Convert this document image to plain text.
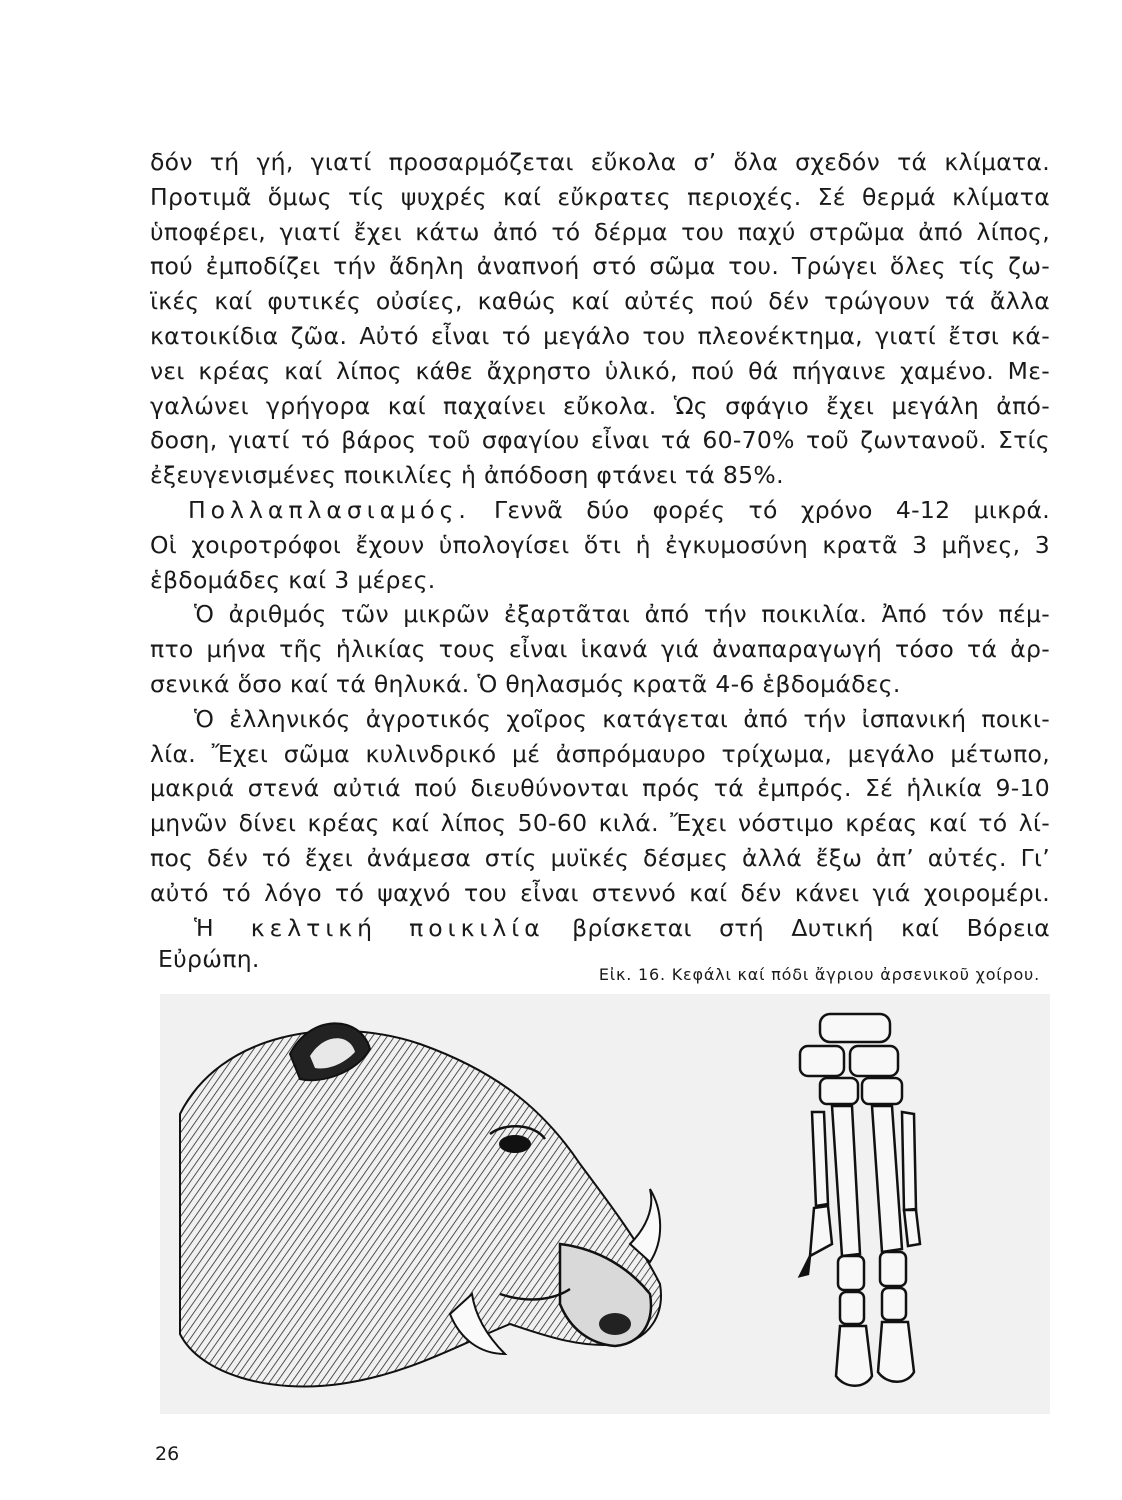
δόν τή γή, γιατί προσαρμόζεται εὔκολα σ’ ὅλα σχεδόν τά κλίματα.
Προτιμᾶ ὅμως τίς ψυχρές καί εὔκρατες περιοχές. Σέ θερμά κλίματα
ὑποφέρει, γιατί ἔχει κάτω ἀπό τό δέρμα του παχύ στρῶμα ἀπό λίπος,
πού ἐμποδίζει τήν ἄδηλη ἀναπνοή στό σῶμα του. Τρώγει ὅλες τίς ζω-
ϊκές καί φυτικές οὐσίες, καθώς καί αὐτές πού δέν τρώγουν τά ἄλλα
κατοικίδια ζῶα. Αὐτό εἶναι τό μεγάλο του πλεονέκτημα, γιατί ἔτσι κά-
νει κρέας καί λίπος κάθε ἄχρηστο ὑλικό, πού θά πήγαινε χαμένο. Με-
γαλώνει γρήγορα καί παχαίνει εὔκολα. Ὡς σφάγιο ἔχει μεγάλη ἀπό-
δοση, γιατί τό βάρος τοῦ σφαγίου εἶναι τά 60-70% τοῦ ζωντανοῦ. Στίς
ἐξευγενισμένες ποικιλίες ἡ ἀπόδοση φτάνει τά 85%.
Πολλαπλασιαμός. Γεννᾶ δύο φορές τό χρόνο 4-12 μικρά.
Οἱ χοιροτρόφοι ἔχουν ὑπολογίσει ὅτι ἡ ἐγκυμοσύνη κρατᾶ 3 μῆνες, 3
ἑβδομάδες καί 3 μέρες.
Ὁ ἀριθμός τῶν μικρῶν ἐξαρτᾶται ἀπό τήν ποικιλία. Ἀπό τόν πέμ-
πτο μήνα τῆς ἡλικίας τους εἶναι ἱκανά γιά ἀναπαραγωγή τόσο τά ἀρ-
σενικά ὅσο καί τά θηλυκά. Ὁ θηλασμός κρατᾶ 4-6 ἑβδομάδες.
Ὁ ἑλληνικός ἀγροτικός χοῖρος κατάγεται ἀπό τήν ἰσπανική ποικι-
λία. Ἔχει σῶμα κυλινδρικό μέ ἀσπρόμαυρο τρίχωμα, μεγάλο μέτωπο,
μακριά στενά αὐτιά πού διευθύνονται πρός τά ἐμπρός. Σέ ἡλικία 9-10
μηνῶν δίνει κρέας καί λίπος 50-60 κιλά. Ἔχει νόστιμο κρέας καί τό λί-
πος δέν τό ἔχει ἀνάμεσα στίς μυϊκές δέσμες ἀλλά ἔξω ἀπ’ αὐτές. Γι’
αὐτό τό λόγο τό ψαχνό του εἶναι στεννό καί δέν κάνει γιά χοιρομέρι.
Ἡ κελτική ποικιλία βρίσκεται στή Δυτική καί Βόρεια
Εὐρώπη.
Εἰκ. 16. Κεφάλι καί πόδι ἄγριου ἀρσενικοῦ χοίρου.
26
